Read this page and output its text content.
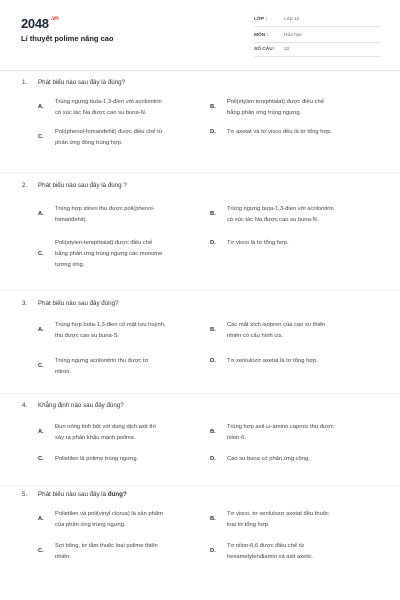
2048 $^{.vn}$
Lí thuyết polime nâng cao
LỚP :	Lớp 12
MÔN :	Hóa học
SỐ CÂU : 32
1. Phát biểu nào sau đây là đúng?
A.
Trùng ngưng buta-1,3-đien với acrilonitrin
có xúc tác Na được cao su buna-N.
B.
Poli(etylen terephtalat) được điều chế
bằng phản ứng trùng ngưng.
C.
Poli(phenol-fomanđehit) được điều chế từ
phản ứng đồng trùng hợp.
D. Tơ axetat và tơ visco đều là tơ tổng hợp.
2. Phát biểu nào sau đây là đúng ?
A.
Trùng hợp stiren thu được poli(phenol-
fomanđehit).
B.
Trùng ngưng buta-1,3-đien với acrilonitrin
có xúc tác Na được cao su buna-N.
C.
Poli(etylen-terephtalat) được điều chế
bằng phản ứng trùng ngưng các monome
tương ứng.
D. Tơ visco là tơ tổng hợp.
3. Phát biểu nào sau đây đúng?
A.
Trùng hợp buta-1,3-đien có mặt lưu huỳnh,
thu được cao su buna-S.
B.
Các mắt xích isopren của cao su thiên
nhiên có cấu hình cis.
C.
Trùng ngưng acrilonitrin thu được tơ
nitron.
D. Tơ xenlulozơ axetat là tơ tổng hợp.
4. Khẳng định nào sau đây đúng?
A.
Đun nóng tinh bột với dung dịch axit thì
xảy ra phản khâu mạch polime.
B.
Trùng hợp axit ω-amino caproic thu được
nilon-6.
C. Polietilen là polime trùng ngưng.	D. Cao su buna có phản ứng cộng.
5. Phát biểu nào sau đây là đúng?
A.
Polietilen và poli(vinyl clorua) là sản phẩm
của phản ứng trùng ngưng.
B.
Tơ visco, tơ xenlulozơ axetat đều thuộc
loại tơ tổng hợp.
C.
Sợi bông, tơ tằm thuộc loại polime thiên
nhiên.
D.
Tơ nilon-6,6 được điều chế từ
hexametylenđiamin và axit axetic.
